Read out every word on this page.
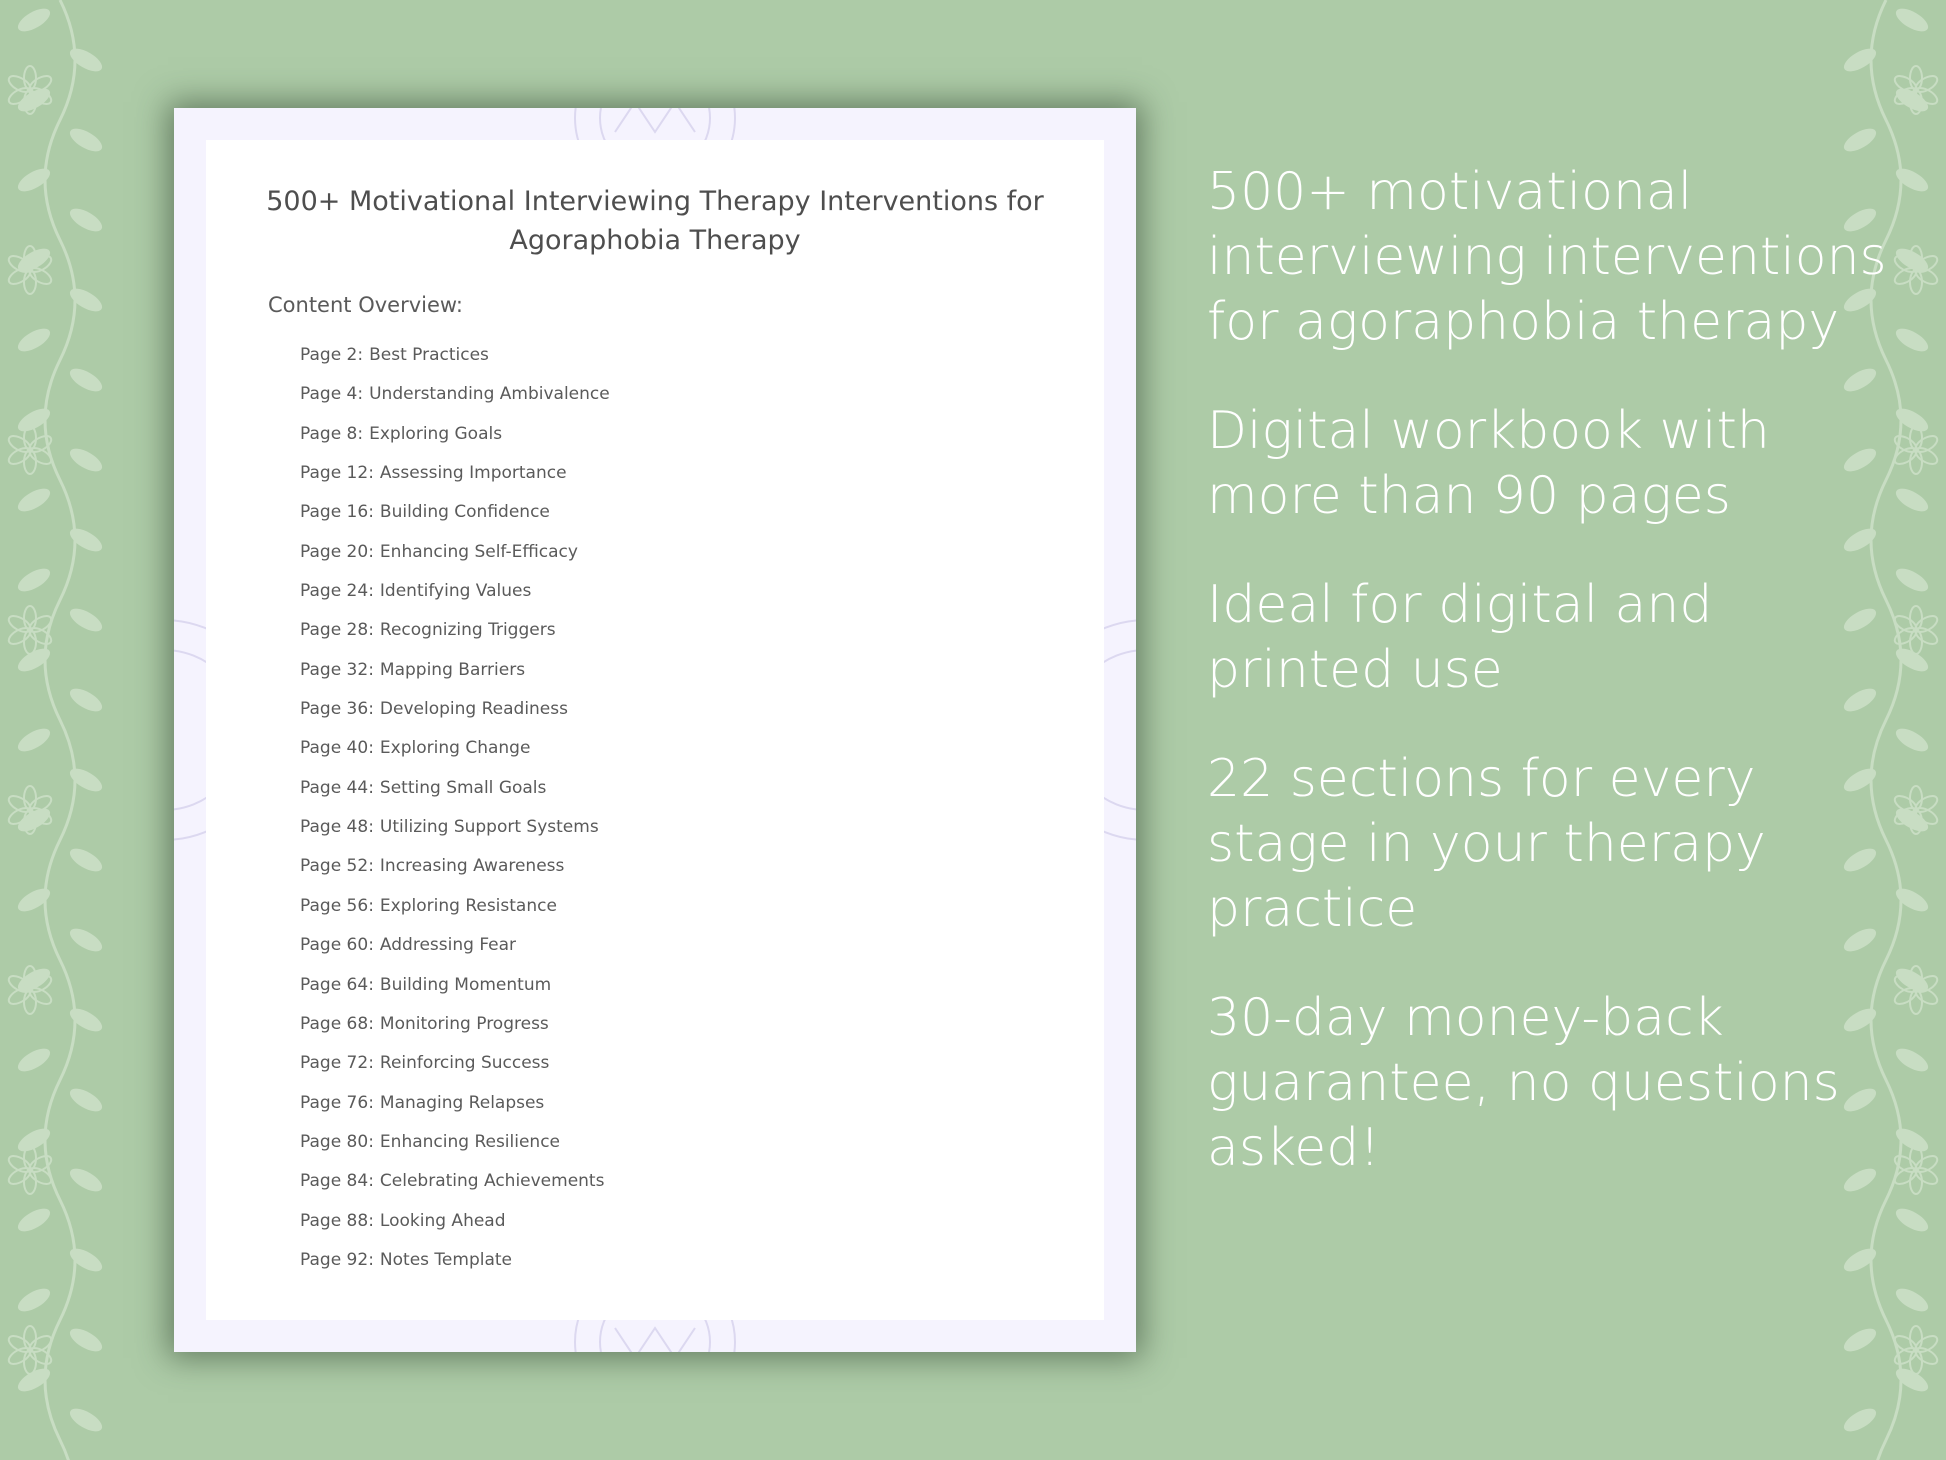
500+ Motivational Interviewing Therapy Interventions for Agoraphobia Therapy
Content Overview:
Page 2: Best Practices
Page 4: Understanding Ambivalence
Page 8: Exploring Goals
Page 12: Assessing Importance
Page 16: Building Confidence
Page 20: Enhancing Self-Efficacy
Page 24: Identifying Values
Page 28: Recognizing Triggers
Page 32: Mapping Barriers
Page 36: Developing Readiness
Page 40: Exploring Change
Page 44: Setting Small Goals
Page 48: Utilizing Support Systems
Page 52: Increasing Awareness
Page 56: Exploring Resistance
Page 60: Addressing Fear
Page 64: Building Momentum
Page 68: Monitoring Progress
Page 72: Reinforcing Success
Page 76: Managing Relapses
Page 80: Enhancing Resilience
Page 84: Celebrating Achievements
Page 88: Looking Ahead
Page 92: Notes Template

500+ motivational interviewing interventions for agoraphobia therapy

Digital workbook with more than 90 pages

Ideal for digital and printed use

22 sections for every stage in your therapy practice

30-day money-back guarantee, no questions asked!
